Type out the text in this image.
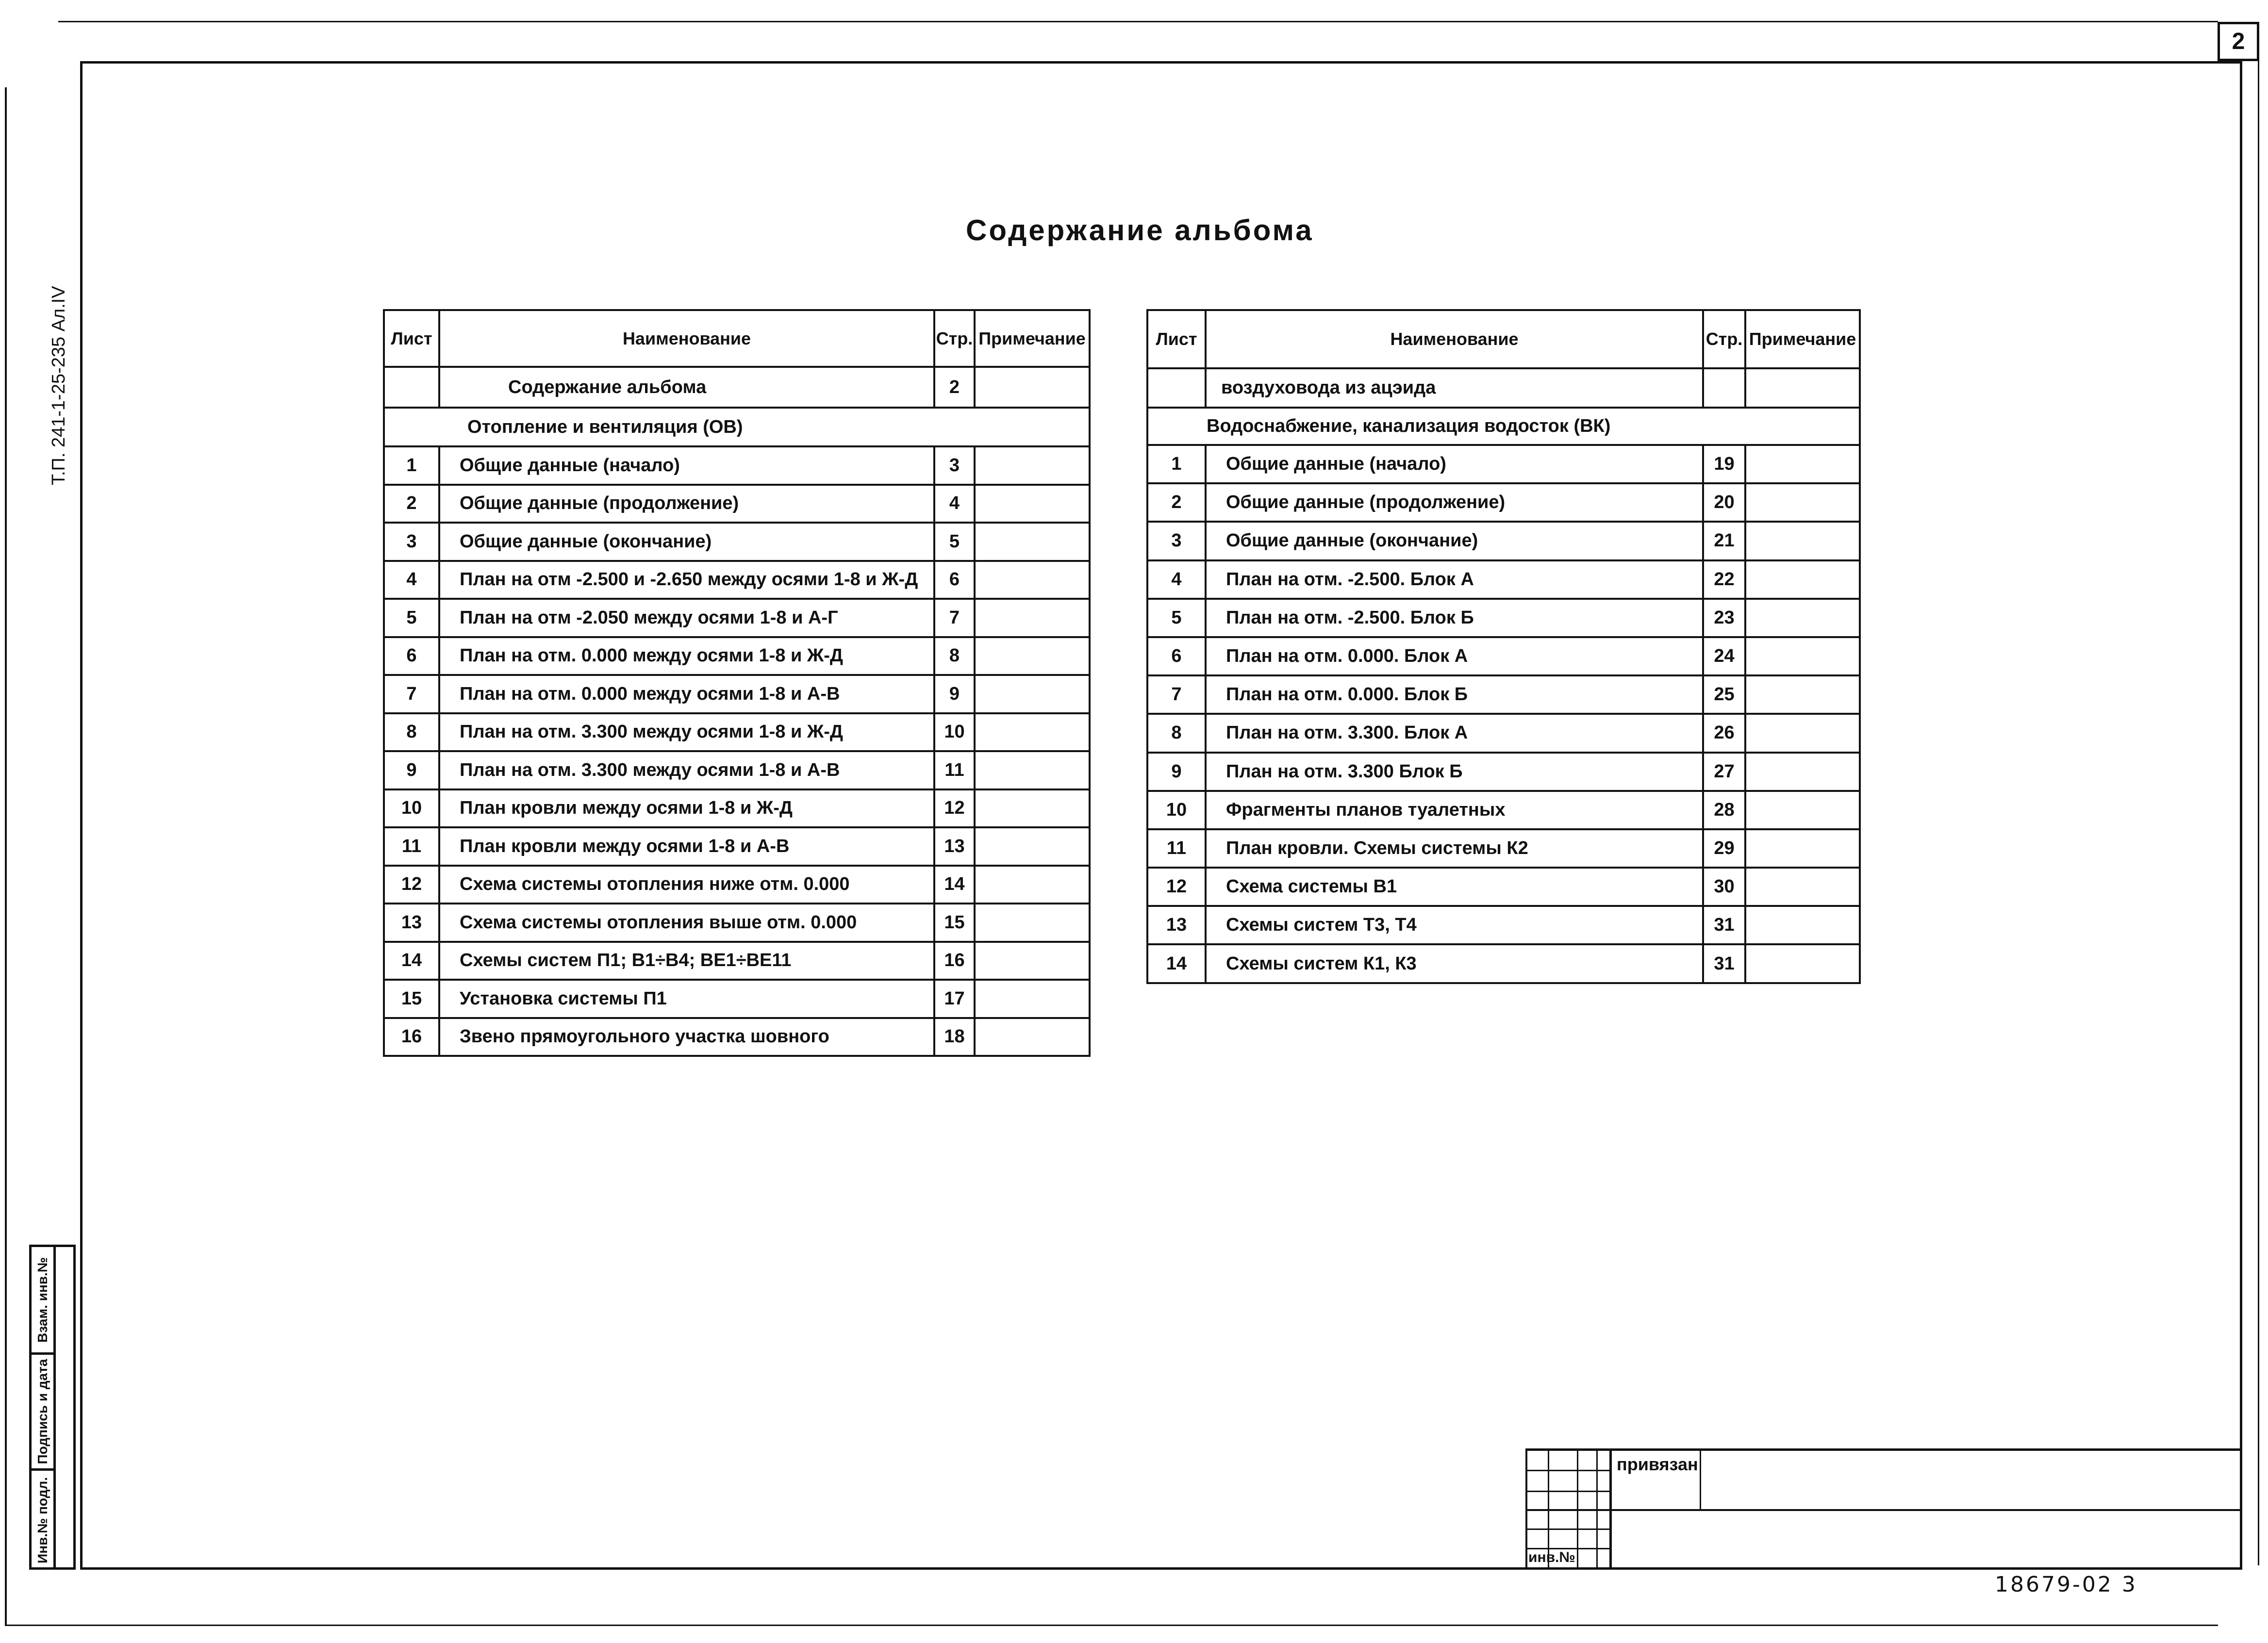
2
Т.П. 241-1-25-235 Ал.IV
Содержание альбома
Лист	Наименование	Стр.	Примечание
	Содержание альбома	2	
Отопление и вентиляция (ОВ)			
1	Общие данные (начало)	3	
2	Общие данные (продолжение)	4	
3	Общие данные (окончание)	5	
4	План на отм -2.500 и -2.650 между осями 1-8 и Ж-Д	6	
5	План на отм -2.050 между осями 1-8 и А-Г	7	
6	План на отм. 0.000 между осями 1-8 и Ж-Д	8	
7	План на отм. 0.000 между осями 1-8 и А-В	9	
8	План на отм. 3.300 между осями 1-8 и Ж-Д	10	
9	План на отм. 3.300 между осями 1-8 и А-В	11	
10	План кровли между осями 1-8 и Ж-Д	12	
11	План кровли между осями 1-8 и А-В	13	
12	Схема системы отопления ниже отм. 0.000	14	
13	Схема системы отопления выше отм. 0.000	15	
14	Схемы систем П1; В1÷В4; ВЕ1÷ВЕ11	16	
15	Установка системы П1	17	
16	Звено прямоугольного участка шовного	18	
Лист	Наименование	Стр.	Примечание
	воздуховода из ацэида		
Водоснабжение, канализация водосток (ВК)			
1	Общие данные (начало)	19	
2	Общие данные (продолжение)	20	
3	Общие данные (окончание)	21	
4	План на отм. -2.500. Блок А	22	
5	План на отм. -2.500. Блок Б	23	
6	План на отм. 0.000. Блок А	24	
7	План на отм. 0.000. Блок Б	25	
8	План на отм. 3.300. Блок А	26	
9	План на отм. 3.300 Блок Б	27	
10	Фрагменты планов туалетных	28	
11	План кровли. Схемы системы К2	29	
12	Схема системы В1	30	
13	Схемы систем Т3, Т4	31	
14	Схемы систем К1, К3	31	
Взам. инв.№
Подпись и дата
Инв.№ подл.
привязан
инв.№
18679-02 3
